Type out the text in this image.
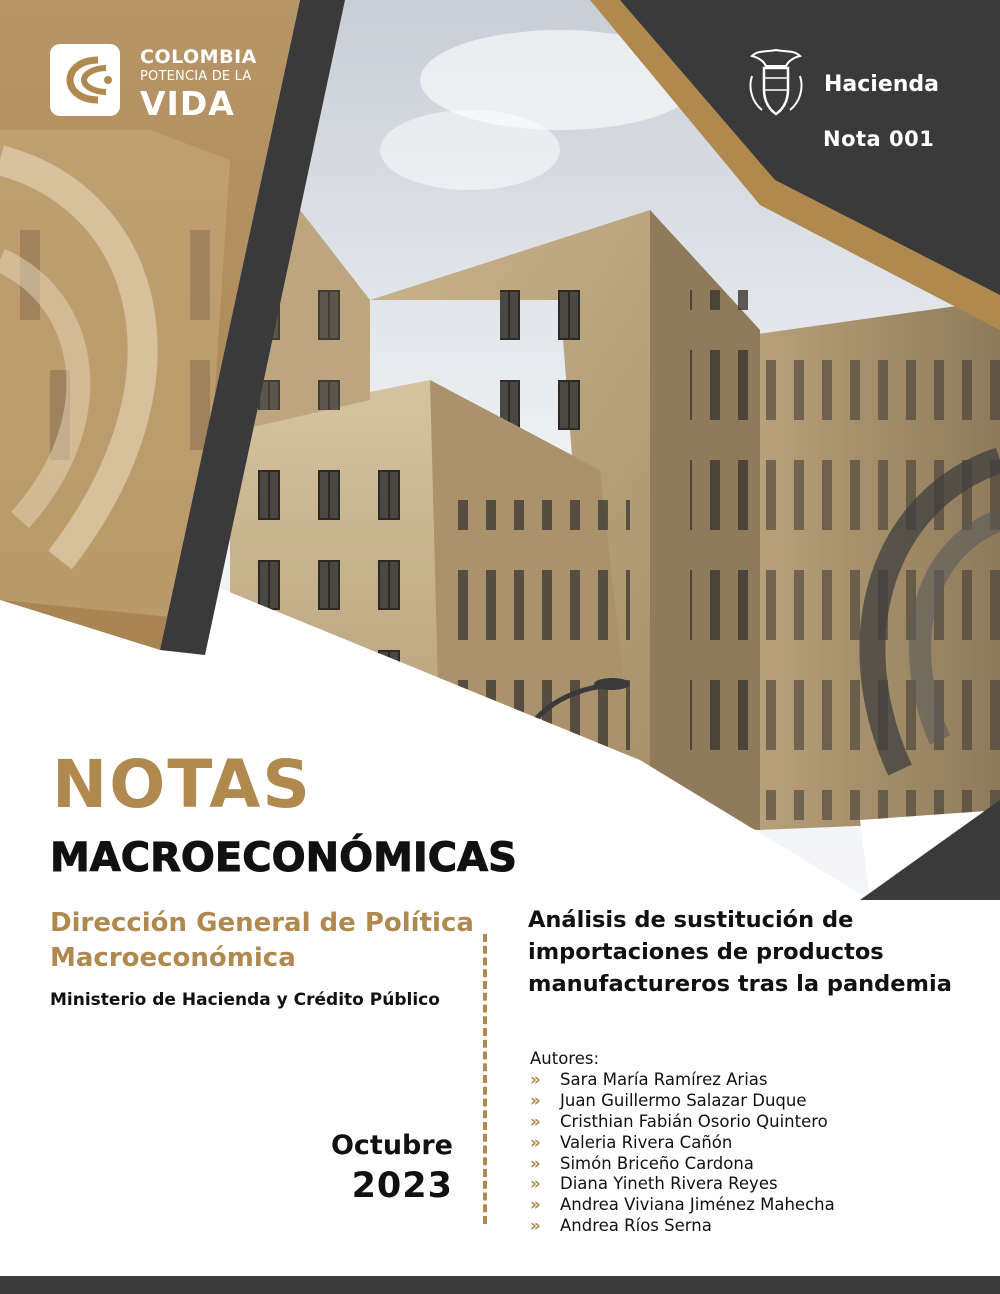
COLOMBIA
POTENCIA DE LA
VIDA	Hacienda
Nota 001
NOTAS
MACROECONÓMICAS
Dirección General de Política Macroeconómica
Ministerio de Hacienda y Crédito Público
Octubre
2023
Análisis de sustitución de importaciones de productos manufactureros tras la pandemia
Autores:
» Sara María Ramírez Arias
» Juan Guillermo Salazar Duque
» Cristhian Fabián Osorio Quintero
» Valeria Rivera Cañón
» Simón Briceño Cardona
» Diana Yineth Rivera Reyes
» Andrea Viviana Jiménez Mahecha
» Andrea Ríos Serna
